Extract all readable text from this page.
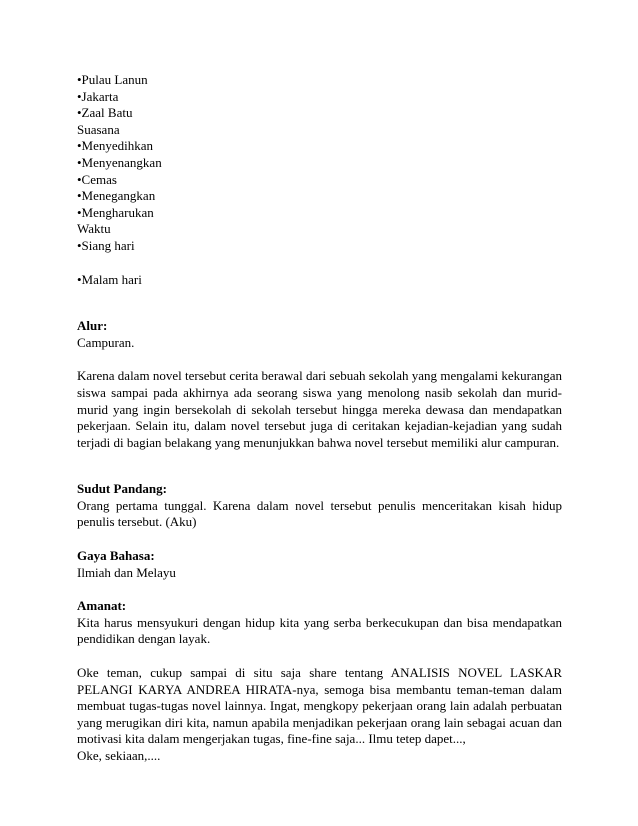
•Pulau Lanun
•Jakarta
•Zaal Batu
Suasana
•Menyedihkan
•Menyenangkan
•Cemas
•Menegangkan
•Mengharukan
Waktu
•Siang hari
•Malam hari
Alur:
Campuran.
Karena dalam novel tersebut cerita berawal dari sebuah sekolah yang mengalami kekurangan siswa sampai pada akhirnya ada seorang siswa yang menolong nasib sekolah dan murid-murid yang ingin bersekolah di sekolah tersebut hingga mereka dewasa dan mendapatkan pekerjaan. Selain itu, dalam novel tersebut juga di ceritakan kejadian-kejadian yang sudah terjadi di bagian belakang yang menunjukkan bahwa novel tersebut memiliki alur campuran.
Sudut Pandang:
Orang pertama tunggal. Karena dalam novel tersebut penulis menceritakan kisah hidup penulis tersebut. (Aku)
Gaya Bahasa:
Ilmiah dan Melayu
Amanat:
Kita harus mensyukuri dengan hidup kita yang serba berkecukupan dan bisa mendapatkan pendidikan dengan layak.
Oke teman, cukup sampai di situ saja share tentang ANALISIS NOVEL LASKAR PELANGI KARYA ANDREA HIRATA-nya, semoga bisa membantu teman-teman dalam membuat tugas-tugas novel lainnya. Ingat, mengkopy pekerjaan orang lain adalah perbuatan yang merugikan diri kita, namun apabila menjadikan pekerjaan orang lain sebagai acuan dan motivasi kita dalam mengerjakan tugas, fine-fine saja... Ilmu tetep dapet...,
Oke, sekiaan,....
